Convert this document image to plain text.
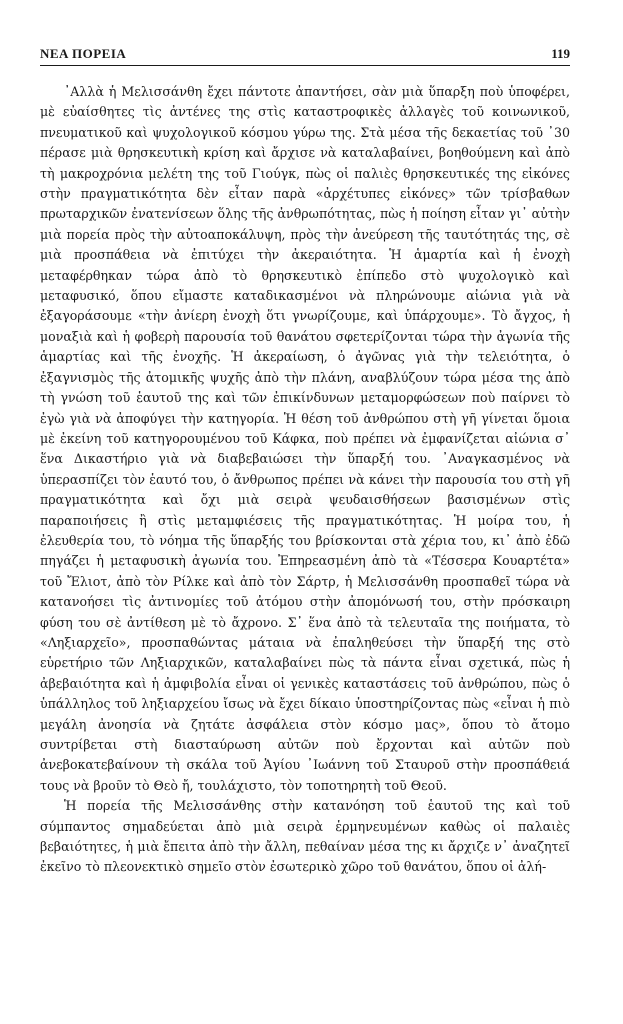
ΝΕΑ ΠΟΡΕΙΑ	119

᾿Αλλὰ ἡ Μελισσάνθη ἔχει πάντοτε ἀπαντήσει, σὰν μιὰ ὕπαρξη ποὺ ὑποφέρει, μὲ εὐαίσθητες τὶς ἀντένες της στὶς καταστροφικὲς ἀλλαγὲς τοῦ κοινωνικοῦ, πνευματικοῦ καὶ ψυχολογικοῦ κόσμου γύρω της. Στὰ μέσα τῆς δεκαετίας τοῦ ᾿30 πέρασε μιὰ θρησκευτικὴ κρίση καὶ ἄρχισε νὰ καταλαβαίνει, βοηθούμενη καὶ ἀπὸ τὴ μακροχρόνια μελέτη της τοῦ Γιούγκ, πὼς οἱ παλιὲς θρησκευτικές της εἰκόνες στὴν πραγματικότητα δὲν εἶταν παρὰ «ἀρχέτυπες εἰκόνες» τῶν τρίσβαθων πρωταρχικῶν ἐνατενίσεων ὅλης τῆς ἀνθρωπότητας, πὼς ἡ ποίηση εἶταν γι᾿ αὐτὴν μιὰ πορεία πρὸς τὴν αὐτοαποκάλυψη, πρὸς τὴν ἀνεύρεση τῆς ταυτότητάς της, σὲ μιὰ προσπάθεια νὰ ἐπιτύχει τὴν ἀκεραιότητα. Ἡ ἁμαρτία καὶ ἡ ἐνοχὴ μεταφέρθηκαν τώρα ἀπὸ τὸ θρησκευτικὸ ἐπίπεδο στὸ ψυχολογικὸ καὶ μεταφυσικό, ὅπου εἴμαστε καταδικασμένοι νὰ πληρώνουμε αἰώνια γιὰ νὰ ἐξαγοράσουμε «τὴν ἀνίερη ἐνοχὴ ὅτι γνωρίζουμε, καὶ ὑπάρχουμε». Τὸ ἄγχος, ἡ μοναξιὰ καὶ ἡ φοβερὴ παρουσία τοῦ θανάτου σφετερίζονται τώρα τὴν ἀγωνία τῆς ἁμαρτίας καὶ τῆς ἐνοχῆς. Ἡ ἀκεραίωση, ὁ ἀγῶνας γιὰ τὴν τελειότητα, ὁ ἐξαγνισμὸς τῆς ἀτομικῆς ψυχῆς ἀπὸ τὴν πλάνη, αναβλύζουν τώρα μέσα της ἀπὸ τὴ γνώση τοῦ ἑαυτοῦ της καὶ τῶν ἐπικίνδυνων μεταμορφώσεων ποὺ παίρνει τὸ ἐγὼ γιὰ νὰ ἀποφύγει τὴν κατηγορία. Ἡ θέση τοῦ ἀνθρώπου στὴ γῆ γίνεται ὅμοια μὲ ἐκείνη τοῦ κατηγορουμένου τοῦ Κάφκα, ποὺ πρέπει νὰ ἐμφανίζεται αἰώνια σ᾿ ἕνα Δικαστήριο γιὰ νὰ διαβεβαιώσει τὴν ὕπαρξή του. ᾿Αναγκασμένος νὰ ὑπερασπίζει τὸν ἑαυτό του, ὁ ἄνθρωπος πρέπει νὰ κάνει τὴν παρουσία του στὴ γῆ πραγματικότητα καὶ ὄχι μιὰ σειρὰ ψευδαισθήσεων βασισμένων στὶς παραποιήσεις ἢ στὶς μεταμφιέσεις τῆς πραγματικότητας. Ἡ μοίρα του, ἡ ἐλευθερία του, τὸ νόημα τῆς ὕπαρξής του βρίσκονται στὰ χέρια του, κι᾿ ἀπὸ ἐδῶ πηγάζει ἡ μεταφυσικὴ ἀγωνία του. Ἐπηρεασμένη ἀπὸ τὰ «Τέσσερα Κουαρτέτα» τοῦ Ἔλιοτ, ἀπὸ τὸν Ρίλκε καὶ ἀπὸ τὸν Σάρτρ, ἡ Μελισσάνθη προσπαθεῖ τώρα νὰ κατανοήσει τὶς ἀντινομίες τοῦ ἀτόμου στὴν ἀπομόνωσή του, στὴν πρόσκαιρη φύση του σὲ ἀντίθεση μὲ τὸ ἄχρονο. Σ᾿ ἕνα ἀπὸ τὰ τελευταῖα της ποιήματα, τὸ «Ληξιαρχεῖο», προσπαθώντας μάταια νὰ ἐπαληθεύσει τὴν ὕπαρξή της στὸ εὑρετήριο τῶν Ληξιαρχικῶν, καταλαβαίνει πὼς τὰ πάντα εἶναι σχετικά, πὼς ἡ ἀβεβαιότητα καὶ ἡ ἀμφιβολία εἶναι οἱ γενικὲς καταστάσεις τοῦ ἀνθρώπου, πὼς ὁ ὑπάλληλος τοῦ ληξιαρχείου ἴσως νὰ ἔχει δίκαιο ὑποστηρίζοντας πὼς «εἶναι ἡ πιὸ μεγάλη ἀνοησία νὰ ζητάτε ἀσφάλεια στὸν κόσμο μας», ὅπου τὸ ἄτομο συντρίβεται στὴ διασταύρωση αὐτῶν ποὺ ἔρχονται καὶ αὐτῶν ποὺ ἀνεβοκατεβαίνουν τὴ σκάλα τοῦ Ἁγίου ᾿Ιωάννη τοῦ Σταυροῦ στὴν προσπάθειά τους νὰ βροῦν τὸ Θεὸ ἤ, τουλάχιστο, τὸν τοποτηρητὴ τοῦ Θεοῦ.

Ἡ πορεία τῆς Μελισσάνθης στὴν κατανόηση τοῦ ἑαυτοῦ της καὶ τοῦ σύμπαντος σημαδεύεται ἀπὸ μιὰ σειρὰ ἑρμηνευμένων καθὼς οἱ παλαιὲς βεβαιότητες, ἡ μιὰ ἔπειτα ἀπὸ τὴν ἄλλη, πεθαίναν μέσα της κι ἄρχιζε ν᾿ ἀναζητεῖ ἐκεῖνο τὸ πλεονεκτικὸ σημεῖο στὸν ἐσωτερικὸ χῶρο τοῦ θανάτου, ὅπου οἱ ἀλή-
